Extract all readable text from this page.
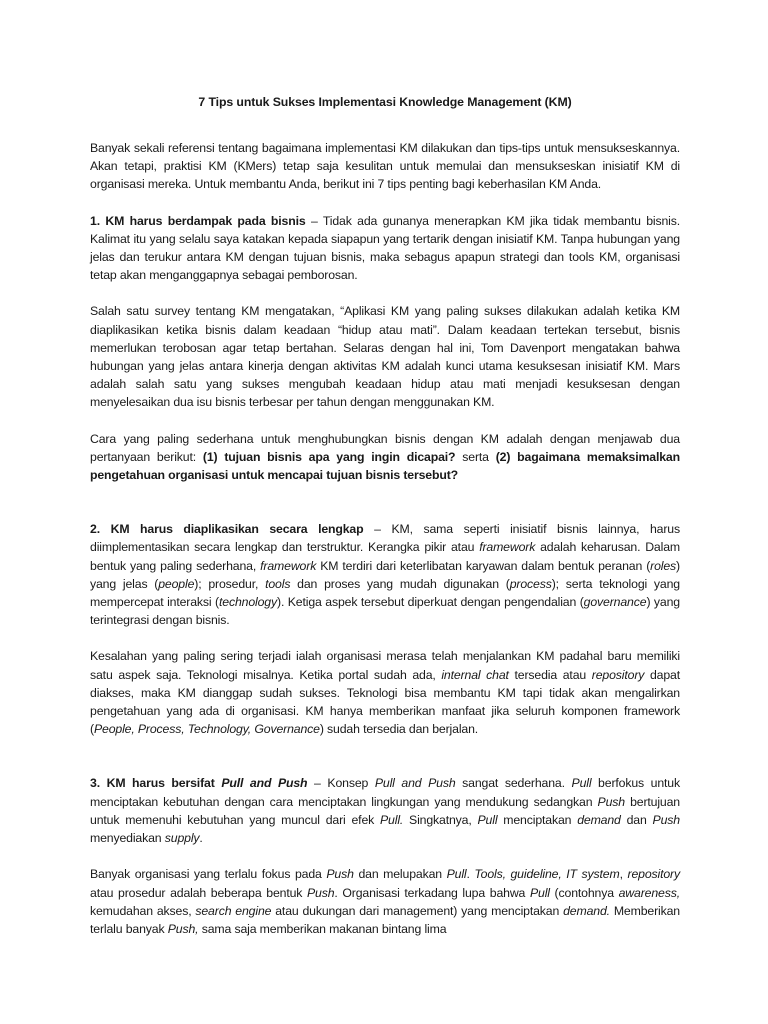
7 Tips untuk Sukses Implementasi Knowledge Management (KM)

Banyak sekali referensi tentang bagaimana implementasi KM dilakukan dan tips-tips untuk mensukseskannya. Akan tetapi, praktisi KM (KMers) tetap saja kesulitan untuk memulai dan mensukseskan inisiatif KM di organisasi mereka. Untuk membantu Anda, berikut ini 7 tips penting bagi keberhasilan KM Anda.

1. KM harus berdampak pada bisnis – Tidak ada gunanya menerapkan KM jika tidak membantu bisnis. Kalimat itu yang selalu saya katakan kepada siapapun yang tertarik dengan inisiatif KM. Tanpa hubungan yang jelas dan terukur antara KM dengan tujuan bisnis, maka sebagus apapun strategi dan tools KM, organisasi tetap akan menganggapnya sebagai pemborosan.

Salah satu survey tentang KM mengatakan, “Aplikasi KM yang paling sukses dilakukan adalah ketika KM diaplikasikan ketika bisnis dalam keadaan “hidup atau mati”. Dalam keadaan tertekan tersebut, bisnis memerlukan terobosan agar tetap bertahan. Selaras dengan hal ini, Tom Davenport mengatakan bahwa hubungan yang jelas antara kinerja dengan aktivitas KM adalah kunci utama kesuksesan inisiatif KM. Mars adalah salah satu yang sukses mengubah keadaan hidup atau mati menjadi kesuksesan dengan menyelesaikan dua isu bisnis terbesar per tahun dengan menggunakan KM.

Cara yang paling sederhana untuk menghubungkan bisnis dengan KM adalah dengan menjawab dua pertanyaan berikut: (1) tujuan bisnis apa yang ingin dicapai? serta (2) bagaimana memaksimalkan pengetahuan organisasi untuk mencapai tujuan bisnis tersebut?

2. KM harus diaplikasikan secara lengkap – KM, sama seperti inisiatif bisnis lainnya, harus diimplementasikan secara lengkap dan terstruktur. Kerangka pikir atau framework adalah keharusan. Dalam bentuk yang paling sederhana, framework KM terdiri dari keterlibatan karyawan dalam bentuk peranan (roles) yang jelas (people); prosedur, tools dan proses yang mudah digunakan (process); serta teknologi yang mempercepat interaksi (technology). Ketiga aspek tersebut diperkuat dengan pengendalian (governance) yang terintegrasi dengan bisnis.

Kesalahan yang paling sering terjadi ialah organisasi merasa telah menjalankan KM padahal baru memiliki satu aspek saja. Teknologi misalnya. Ketika portal sudah ada, internal chat tersedia atau repository dapat diakses, maka KM dianggap sudah sukses. Teknologi bisa membantu KM tapi tidak akan mengalirkan pengetahuan yang ada di organisasi. KM hanya memberikan manfaat jika seluruh komponen framework (People, Process, Technology, Governance) sudah tersedia dan berjalan.

3. KM harus bersifat Pull and Push – Konsep Pull and Push sangat sederhana. Pull berfokus untuk menciptakan kebutuhan dengan cara menciptakan lingkungan yang mendukung sedangkan Push bertujuan untuk memenuhi kebutuhan yang muncul dari efek Pull. Singkatnya, Pull menciptakan demand dan Push menyediakan supply.

Banyak organisasi yang terlalu fokus pada Push dan melupakan Pull. Tools, guideline, IT system, repository atau prosedur adalah beberapa bentuk Push. Organisasi terkadang lupa bahwa Pull (contohnya awareness, kemudahan akses, search engine atau dukungan dari management) yang menciptakan demand. Memberikan terlalu banyak Push, sama saja memberikan makanan bintang lima
